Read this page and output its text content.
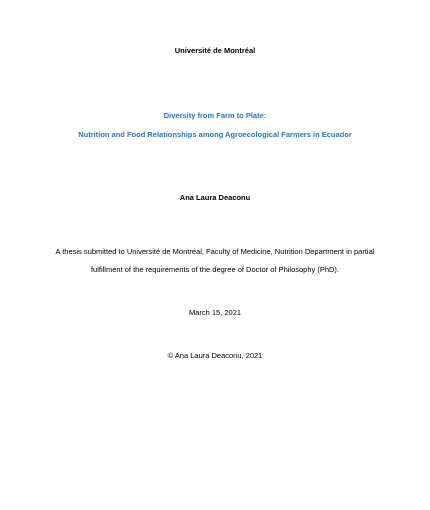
Université de Montréal

Diversity from Farm to Plate:

Nutrition and Food Relationships among Agroecological Farmers in Ecuador

Ana Laura Deaconu

A thesis submitted to Université de Montréal, Faculty of Medicine, Nutrition Department in partial

fulfillment of the requirements of the degree of Doctor of Philosophy (PhD).

March 15, 2021

© Ana Laura Deaconu, 2021
